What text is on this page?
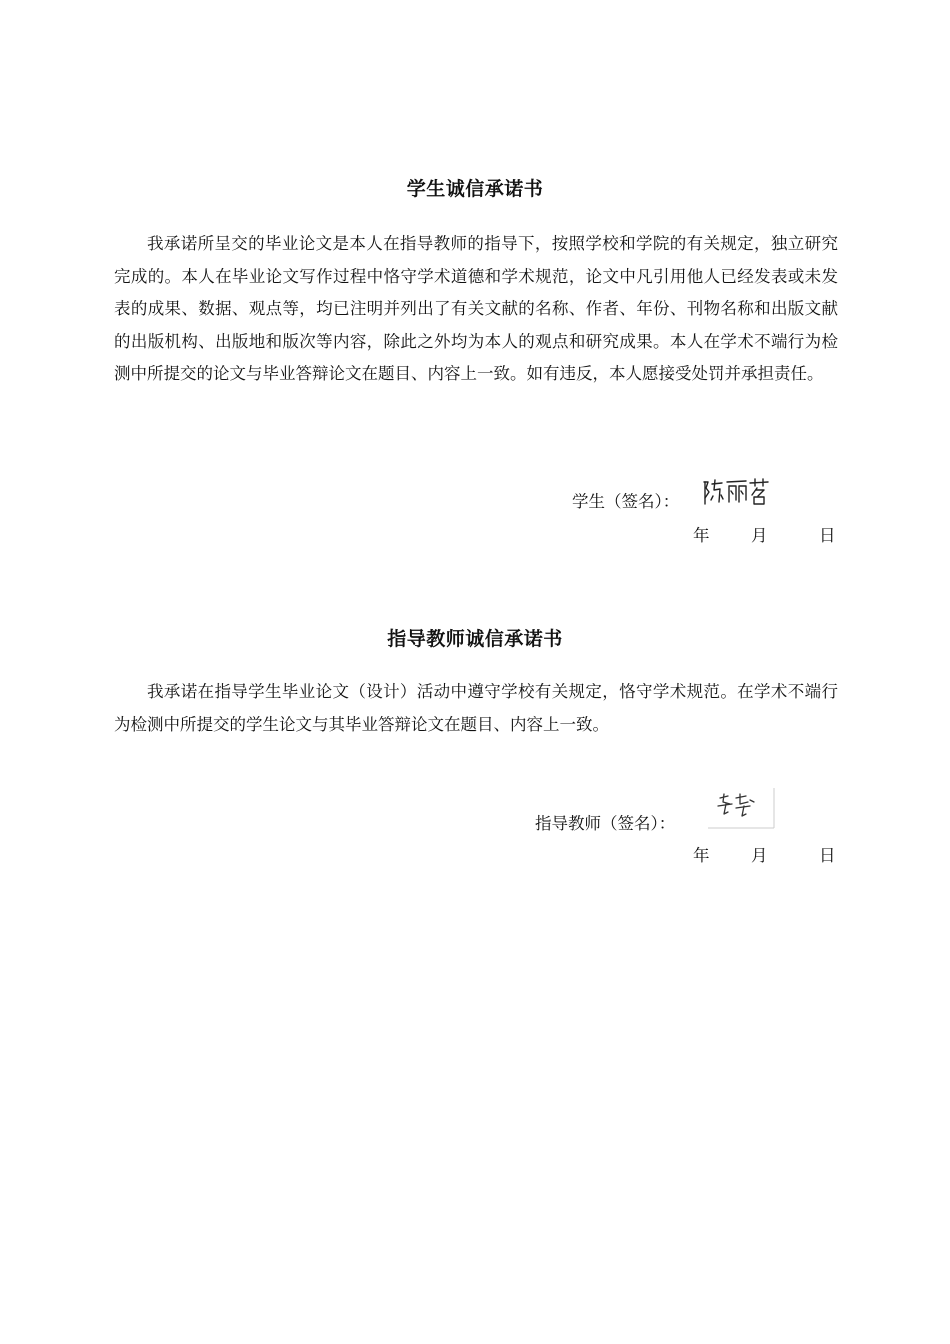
学生诚信承诺书

我承诺所呈交的毕业论文是本人在指导教师的指导下，按照学校和学院的有关规定，独立研究完成的。本人在毕业论文写作过程中恪守学术道德和学术规范，论文中凡引用他人已经发表或未发表的成果、数据、观点等，均已注明并列出了有关文献的名称、作者、年份、刊物名称和出版文献的出版机构、出版地和版次等内容，除此之外均为本人的观点和研究成果。本人在学术不端行为检测中所提交的论文与毕业答辩论文在题目、内容上一致。如有违反，本人愿接受处罚并承担责任。

学生（签名）：
年	月	日
指导教师诚信承诺书

我承诺在指导学生毕业论文（设计）活动中遵守学校有关规定，恪守学术规范。在学术不端行为检测中所提交的学生论文与其毕业答辩论文在题目、内容上一致。

指导教师（签名）：
年	月	日
